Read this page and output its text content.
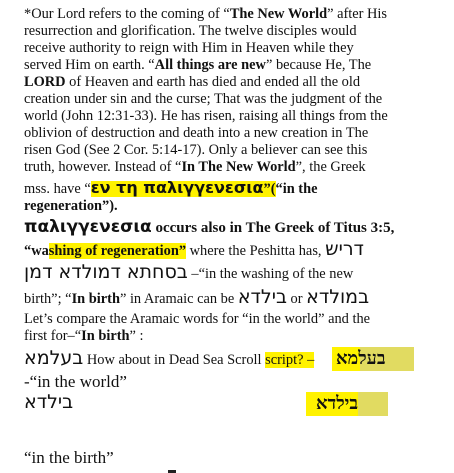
*Our Lord refers to the coming of “The New World” after His
resurrection and glorification. The twelve disciples would
receive authority to reign with Him in Heaven while they
served Him on earth. “All things are new” because He, The
LORD of Heaven and earth has died and ended all the old
creation under sin and the curse; That was the judgment of the
world (John 12:31-33). He has risen, raising all things from the
oblivion of destruction and death into a new creation in The
risen God (See 2 Cor. 5:14-17). Only a believer can see this
truth, however. Instead of “In The New World”, the Greek
mss. have “εν τη παλιγγενεσια”(“in the
regeneration”).
παλιγγενεσια occurs also in The Greek of Titus 3:5,
“washing of regeneration” where the Peshitta has, דריש
בסחתא דמולדא דמן –“in the washing of the new
birth”; “In birth” in Aramaic can be בילדא or במולדא
Let’s compare the Aramaic words for “in the world” and the
first for–“In birth” :
בעלמא How about in Dead Sea Scroll script? – בעלמא
-“in the world”
בילדא	בילדא
“in the birth”
